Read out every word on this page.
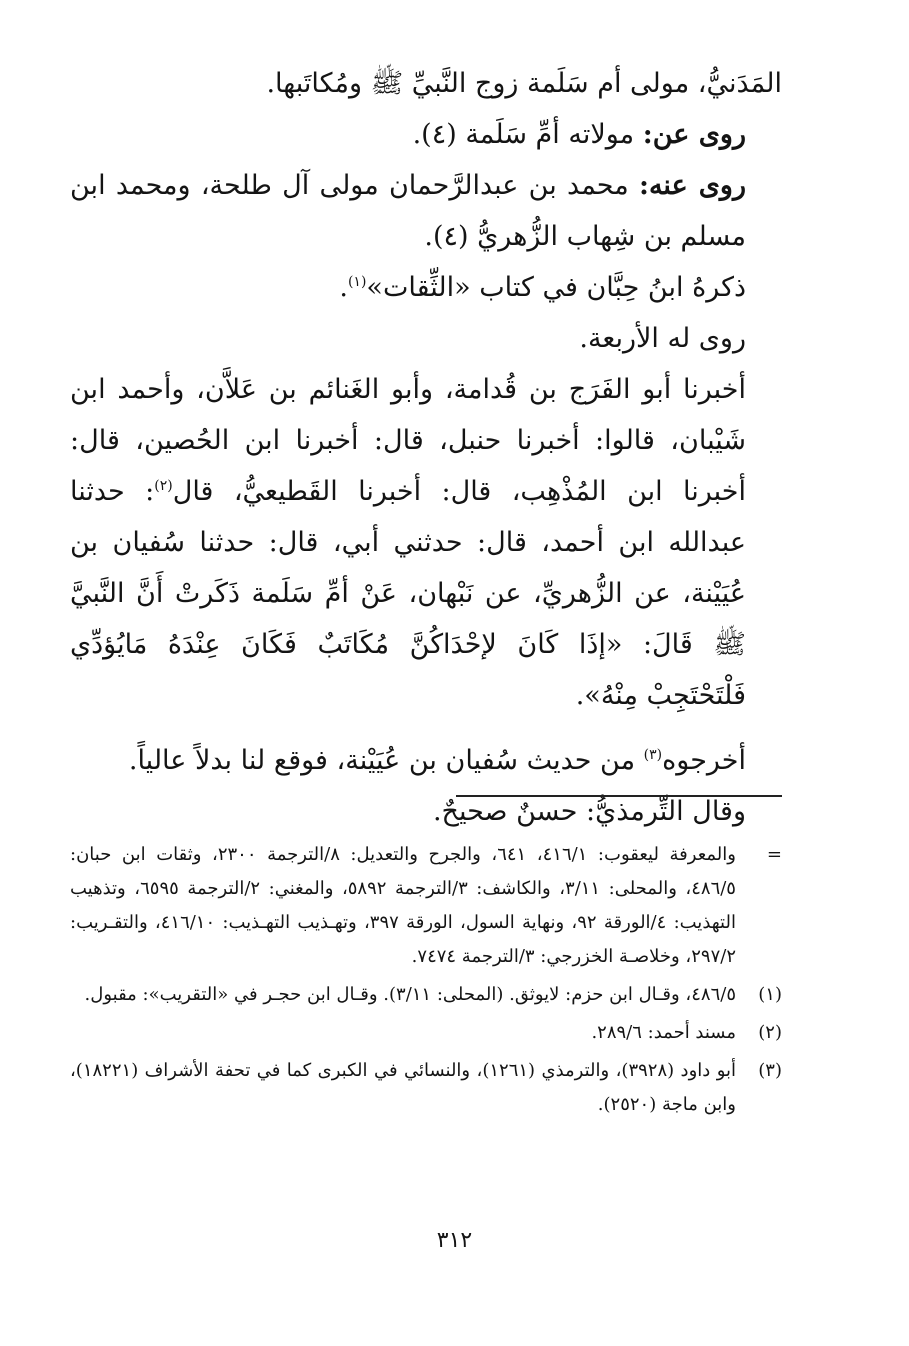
المَدَنيُّ، مولى أم سَلَمة زوج النَّبيِّ ﷺ ومُكاتَبها.

روى عن: مولاته أمِّ سَلَمة (٤).

روى عنه: محمد بن عبدالرَّحمان مولى آل طلحة، ومحمد ابن مسلم بن شِهاب الزُّهريُّ (٤).

ذكرهُ ابنُ حِبَّان في كتاب «الثِّقات»$^{(١)}$.

روى له الأربعة.

أخبرنا أبو الفَرَج بن قُدامة، وأبو الغَنائم بن عَلاَّن، وأحمد ابن شَيْبان، قالوا: أخبرنا حنبل، قال: أخبرنا ابن الحُصين، قال: أخبرنا ابن المُذْهِب، قال: أخبرنا القَطيعيُّ، قال$^{(٢)}$: حدثنا عبدالله ابن أحمد، قال: حدثني أبي، قال: حدثنا سُفيان بن عُيَيْنة، عن الزُّهريِّ، عن نَبْهان، عَنْ أمِّ سَلَمة ذَكَرتْ أَنَّ النَّبيَّ ﷺ قَالَ: «إذَا كَانَ لإحْدَاكُنَّ مُكَاتَبٌ فَكَانَ عِنْدَهُ مَايُؤدِّي فَلْتَحْتَجِبْ مِنْهُ».

أخرجوه$^{(٣)}$ من حديث سُفيان بن عُيَيْنة، فوقع لنا بدلاً عالياً.

وقال التِّرمذيُّ: حسنٌ صحيحٌ.

=
والمعرفة ليعقوب: ٤١٦/١، ٦٤١، والجرح والتعديل: ٨/الترجمة ٢٣٠٠، وثقات ابن حبان: ٤٨٦/٥، والمحلى: ٣/١١، والكاشف: ٣/الترجمة ٥٨٩٢، والمغني: ٢/الترجمة ٦٥٩٥، وتذهيب التهذيب: ٤/الورقة ٩٢، ونهاية السول، الورقة ٣٩٧، وتهـذيب التهـذيب: ٤١٦/١٠، والتقـريب: ٢٩٧/٢، وخلاصـة الخزرجي: ٣/الترجمة ٧٤٧٤.
(١)
٤٨٦/٥، وقـال ابن حزم: لايوثق. (المحلى: ٣/١١). وقـال ابن حجـر في «التقريب»: مقبول.
(٢)
مسند أحمد: ٢٨٩/٦.
(٣)
أبو داود (٣٩٢٨)، والترمذي (١٢٦١)، والنسائي في الكبرى كما في تحفة الأشراف (١٨٢٢١)، وابن ماجة (٢٥٢٠).
٣١٢
